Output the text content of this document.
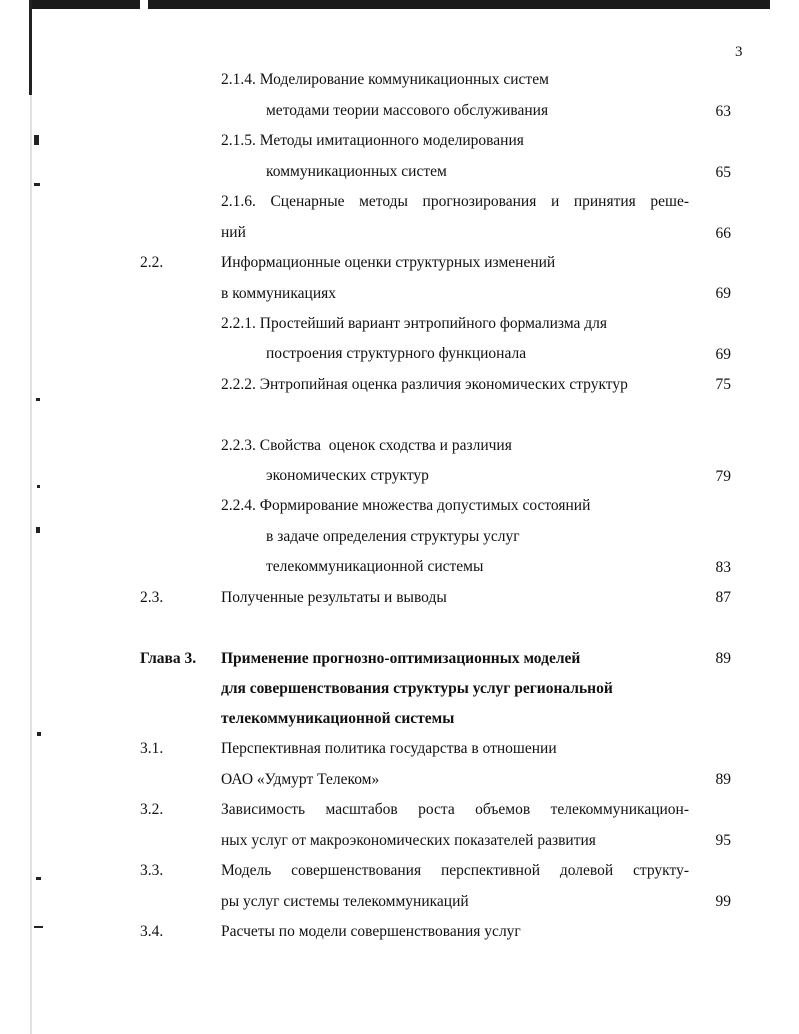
3
2.1.4. Моделирование коммуникационных систем
методами теории массового обслуживания	63
2.1.5. Методы имитационного моделирования
коммуникационных систем	65
2.1.6. Сценарные методы прогнозирования и принятия реше-
ний	66
2.2.	Информационные оценки структурных изменений
в коммуникациях	69
2.2.1. Простейший вариант энтропийного формализма для
построения структурного функционала	69
2.2.2. Энтропийная оценка различия экономических структур	75
2.2.3. Свойства  оценок сходства и различия
экономических структур	79
2.2.4. Формирование множества допустимых состояний
в задаче определения структуры услуг
телекоммуникационной системы	83
2.3.	Полученные результаты и выводы	87
Глава 3. Применение прогнозно-оптимизационных моделей	89
для совершенствования структуры услуг региональной
телекоммуникационной системы
3.1.	Перспективная политика государства в отношении
ОАО «Удмурт Телеком»	89
3.2.	Зависимость масштабов роста объемов телекоммуникацион-
ных услуг от макроэкономических показателей развития	95
3.3.	Модель совершенствования перспективной долевой структу-
ры услуг системы телекоммуникаций	99
3.4.	Расчеты по модели совершенствования услуг
